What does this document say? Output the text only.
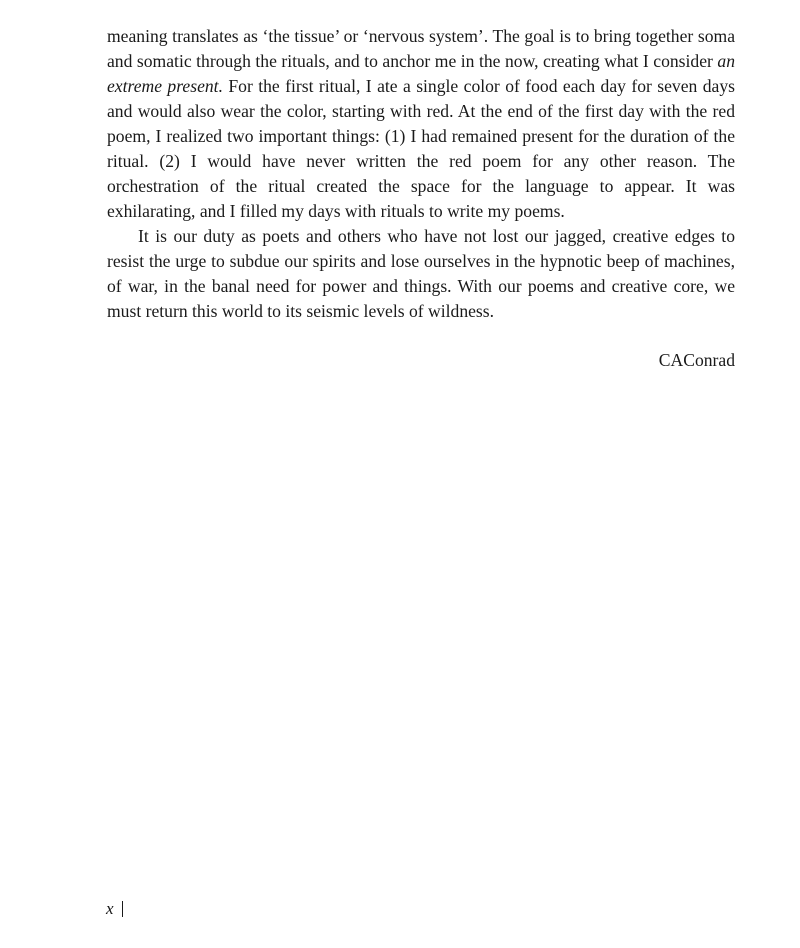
meaning translates as ‘the tissue’ or ‘nervous system’. The goal is to bring together soma and somatic through the rituals, and to anchor me in the now, creating what I consider an extreme present. For the first ritual, I ate a single color of food each day for seven days and would also wear the color, starting with red. At the end of the first day with the red poem, I realized two important things: (1) I had remained present for the duration of the ritual. (2) I would have never written the red poem for any other reason. The orchestration of the ritual created the space for the language to appear. It was exhilarating, and I filled my days with rituals to write my poems.

It is our duty as poets and others who have not lost our jagged, creative edges to resist the urge to subdue our spirits and lose ourselves in the hypnotic beep of machines, of war, in the banal need for power and things. With our poems and creative core, we must return this world to its seismic levels of wildness.

CAConrad
x
